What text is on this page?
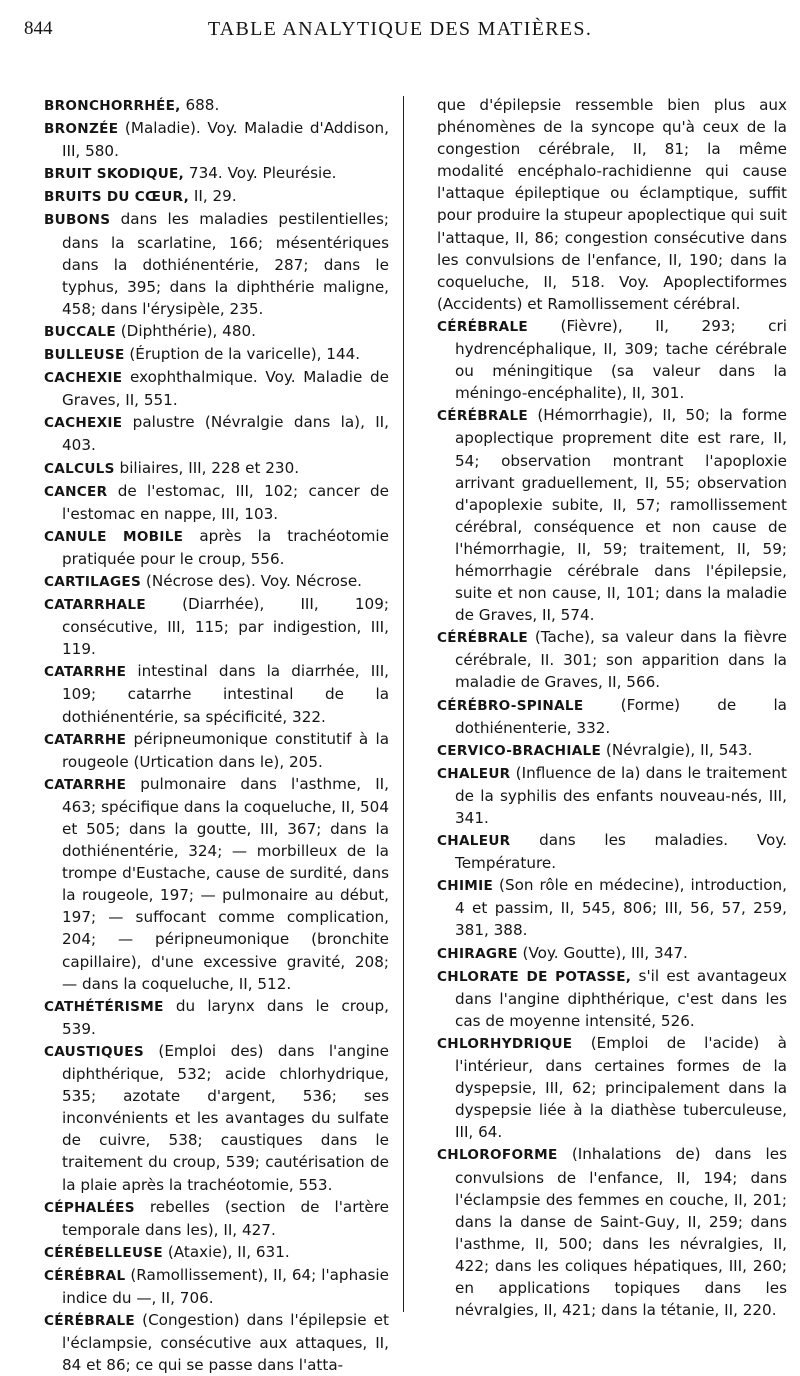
844	TABLE ANALYTIQUE DES MATIÈRES.

BRONCHORRHÉE, 688.

BRONZÉE (Maladie). Voy. Maladie d'Addison, III, 580.

BRUIT SKODIQUE, 734. Voy. Pleurésie.

BRUITS DU CŒUR, II, 29.

BUBONS dans les maladies pestilentielles; dans la scarlatine, 166; mésentériques dans la dothiénentérie, 287; dans le typhus, 395; dans la diphthérie maligne, 458; dans l'érysipèle, 235.

BUCCALE (Diphthérie), 480.

BULLEUSE (Éruption de la varicelle), 144.

CACHEXIE exophthalmique. Voy. Maladie de Graves, II, 551.

CACHEXIE palustre (Névralgie dans la), II, 403.

CALCULS biliaires, III, 228 et 230.

CANCER de l'estomac, III, 102; cancer de l'estomac en nappe, III, 103.

CANULE MOBILE après la trachéotomie pratiquée pour le croup, 556.

CARTILAGES (Nécrose des). Voy. Nécrose.

CATARRHALE (Diarrhée), III, 109; consécutive, III, 115; par indigestion, III, 119.

CATARRHE intestinal dans la diarrhée, III, 109; catarrhe intestinal de la dothiénentérie, sa spécificité, 322.

CATARRHE péripneumonique constitutif à la rougeole (Urtication dans le), 205.

CATARRHE pulmonaire dans l'asthme, II, 463; spécifique dans la coqueluche, II, 504 et 505; dans la goutte, III, 367; dans la dothiénentérie, 324; — morbilleux de la trompe d'Eustache, cause de surdité, dans la rougeole, 197; — pulmonaire au début, 197; — suffocant comme complication, 204; — péripneumonique (bronchite capillaire), d'une excessive gravité, 208; — dans la coqueluche, II, 512.

CATHÉTÉRISME du larynx dans le croup, 539.

CAUSTIQUES (Emploi des) dans l'angine diphthérique, 532; acide chlorhydrique, 535; azotate d'argent, 536; ses inconvénients et les avantages du sulfate de cuivre, 538; caustiques dans le traitement du croup, 539; cautérisation de la plaie après la trachéotomie, 553.

CÉPHALÉES rebelles (section de l'artère temporale dans les), II, 427.

CÉRÉBELLEUSE (Ataxie), II, 631.

CÉRÉBRAL (Ramollissement), II, 64; l'aphasie indice du —, II, 706.

CÉRÉBRALE (Congestion) dans l'épilepsie et l'éclampsie, consécutive aux attaques, II, 84 et 86; ce qui se passe dans l'atta-

que d'épilepsie ressemble bien plus aux phénomènes de la syncope qu'à ceux de la congestion cérébrale, II, 81; la même modalité encéphalo-rachidienne qui cause l'attaque épileptique ou éclamptique, suffit pour produire la stupeur apoplectique qui suit l'attaque, II, 86; congestion consécutive dans les convulsions de l'enfance, II, 190; dans la coqueluche, II, 518. Voy. Apoplectiformes (Accidents) et Ramollissement cérébral.

CÉRÉBRALE (Fièvre), II, 293; cri hydrencéphalique, II, 309; tache cérébrale ou méningitique (sa valeur dans la méningo-encéphalite), II, 301.

CÉRÉBRALE (Hémorrhagie), II, 50; la forme apoplectique proprement dite est rare, II, 54; observation montrant l'apoploxie arrivant graduellement, II, 55; observation d'apoplexie subite, II, 57; ramollissement cérébral, conséquence et non cause de l'hémorrhagie, II, 59; traitement, II, 59; hémorrhagie cérébrale dans l'épilepsie, suite et non cause, II, 101; dans la maladie de Graves, II, 574.

CÉRÉBRALE (Tache), sa valeur dans la fièvre cérébrale, II. 301; son apparition dans la maladie de Graves, II, 566.

CÉRÉBRO-SPINALE (Forme) de la dothiénenterie, 332.

CERVICO-BRACHIALE (Névralgie), II, 543.

CHALEUR (Influence de la) dans le traitement de la syphilis des enfants nouveau-nés, III, 341.

CHALEUR dans les maladies. Voy. Température.

CHIMIE (Son rôle en médecine), introduction, 4 et passim, II, 545, 806; III, 56, 57, 259, 381, 388.

CHIRAGRE (Voy. Goutte), III, 347.

CHLORATE DE POTASSE, s'il est avantageux dans l'angine diphthérique, c'est dans les cas de moyenne intensité, 526.

CHLORHYDRIQUE (Emploi de l'acide) à l'intérieur, dans certaines formes de la dyspepsie, III, 62; principalement dans la dyspepsie liée à la diathèse tuberculeuse, III, 64.

CHLOROFORME (Inhalations de) dans les convulsions de l'enfance, II, 194; dans l'éclampsie des femmes en couche, II, 201; dans la danse de Saint-Guy, II, 259; dans l'asthme, II, 500; dans les névralgies, II, 422; dans les coliques hépatiques, III, 260; en applications topiques dans les névralgies, II, 421; dans la tétanie, II, 220.
